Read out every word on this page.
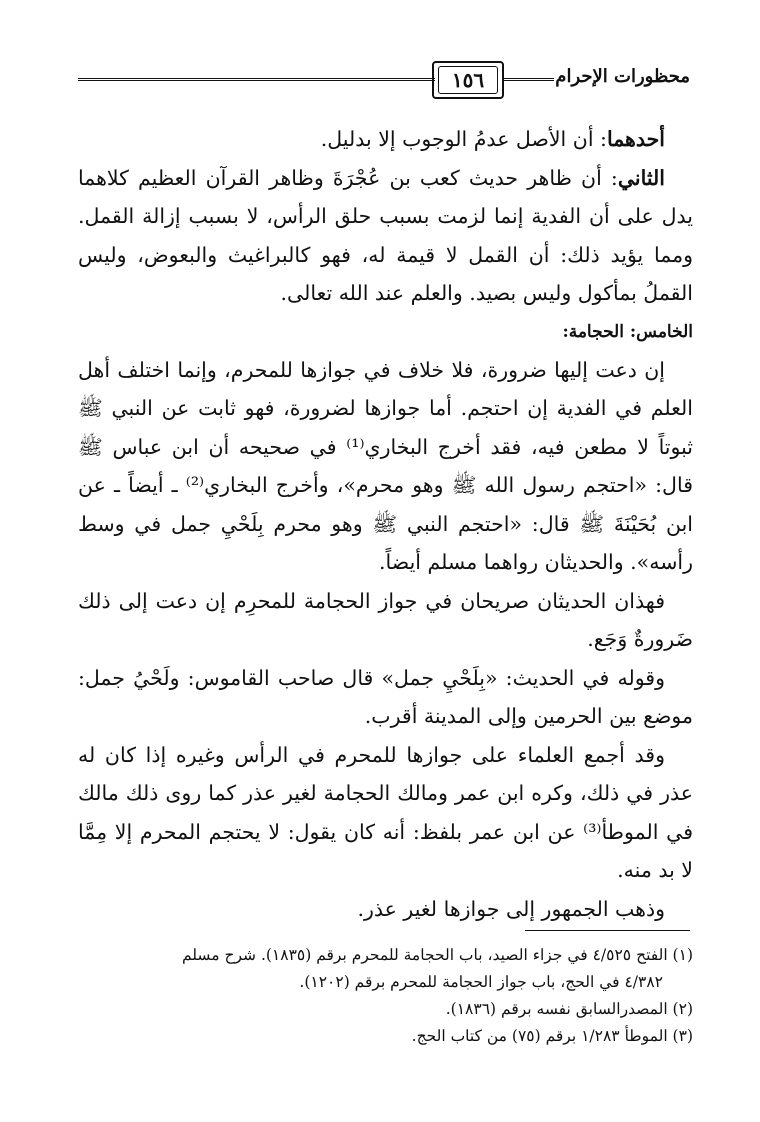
محظورات الإحرام
١٥٦

أحدهما: أن الأصل عدمُ الوجوب إلا بدليل.

الثاني: أن ظاهر حديث كعب بن عُجْرَةَ وظاهر القرآن العظيم كلاهما يدل على أن الفدية إنما لزمت بسبب حلق الرأس، لا بسبب إزالة القمل. ومما يؤيد ذلك: أن القمل لا قيمة له، فهو كالبراغيث والبعوض، وليس القملُ بمأكول وليس بصيد. والعلم عند الله تعالى.

الخامس: الحجامة:

إن دعت إليها ضرورة، فلا خلاف في جوازها للمحرم، وإنما اختلف أهل العلم في الفدية إن احتجم. أما جوازها لضرورة، فهو ثابت عن النبي ﷺ ثبوتاً لا مطعن فيه، فقد أخرج البخاري⁽¹⁾ في صحيحه أن ابن عباس ﷺ قال: «احتجم رسول الله ﷺ وهو محرم»، وأخرج البخاري⁽²⁾ ـ أيضاً ـ عن ابن بُحَيْنَةَ ﷺ قال: «احتجم النبي ﷺ وهو محرم بِلَحْيِ جمل في وسط رأسه». والحديثان رواهما مسلم أيضاً.

فهذان الحديثان صريحان في جواز الحجامة للمحرِم إن دعت إلى ذلك ضَرورةٌ وَجَع.

وقوله في الحديث: «بِلَحْيِ جمل» قال صاحب القاموس: ولَحْيُ جمل: موضع بين الحرمين وإلى المدينة أقرب.

وقد أجمع العلماء على جوازها للمحرم في الرأس وغيره إذا كان له عذر في ذلك، وكره ابن عمر ومالك الحجامة لغير عذر كما روى ذلك مالك في الموطأ⁽³⁾ عن ابن عمر بلفظ: أنه كان يقول: لا يحتجم المحرم إلا مِمَّا لا بد منه.

وذهب الجمهور إلى جوازها لغير عذر.

(١) الفتح ٤/٥٢٥ في جزاء الصيد، باب الحجامة للمحرم برقم (١٨٣٥). شرح مسلم

٤/٣٨٢ في الحج، باب جواز الحجامة للمحرم برقم (١٢٠٢).

(٢) المصدرالسابق نفسه برقم (١٨٣٦).

(٣) الموطأ ١/٢٨٣ برقم (٧٥) من كتاب الحج.
